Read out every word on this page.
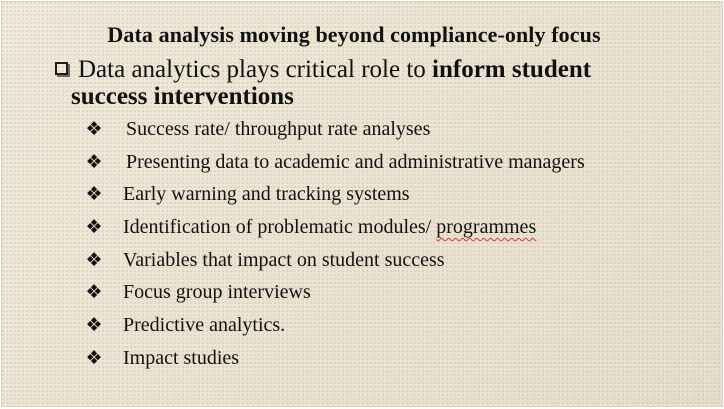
Data analysis moving beyond compliance-only focus
Data analytics plays critical role to inform student
success interventions
❖ Success rate/ throughput rate analyses
❖ Presenting data to academic and administrative managers
❖ Early warning and tracking systems
❖ Identification of problematic modules/ programmes
❖ Variables that impact on student success
❖ Focus group interviews
❖ Predictive analytics.
❖ Impact studies
